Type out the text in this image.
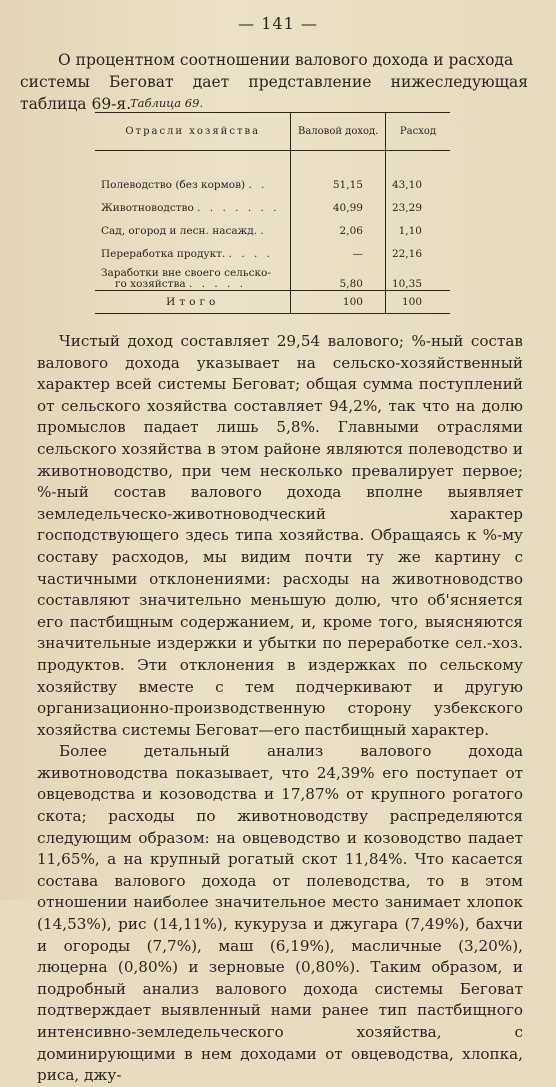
— 141 —

О процентном соотношении валового дохода и расхода

системы Беговат дает представление нижеследующая таблица 69-я.

Таблица 69.
Отрасли хозяйства	Валовой доход.	Расход
Полеводство (без кормов) . .	51,15	43,10
Животноводство . . . . . . .	40,99	23,29
Сад, огород и лесн. насажд. .	2,06	1,10
Переработка продукт. . . . .	—	22,16
Заработки вне своего сельско-
го хозяйства . . . . .	5,80	10,35
Итого	100	100

Чистый доход составляет 29,54 валового; %-ный состав валового дохода указывает на сельско-хозяйственный характер всей системы Беговат; общая сумма поступлений от сельского хозяйства составляет 94,2%, так что на долю промыслов падает лишь 5,8%. Главными отраслями сельского хозяйства в этом районе являются полеводство и животноводство, при чем несколько превалирует первое; %-ный состав валового дохода вполне выявляет земледельческо-животноводческий характер господствующего здесь типа хозяйства. Обращаясь к %-му составу расходов, мы видим почти ту же картину с частичными отклонениями: расходы на животноводство составляют значительно меньшую долю, что об'ясняется его пастбищным содержанием, и, кроме того, выясняются значительные издержки и убытки по переработке сел.-хоз. продуктов. Эти отклонения в издержках по сельскому хозяйству вместе с тем подчеркивают и другую организационно-производственную сторону узбекского хозяйства системы Беговат—его пастбищный характер.

Более детальный анализ валового дохода животноводства показывает, что 24,39% его поступает от овцеводства и козоводства и 17,87% от крупного рогатого скота; расходы по животноводству распределяются следующим образом: на овцеводство и козоводство падает 11,65%, а на крупный рогатый скот 11,84%. Что касается состава валового дохода от полеводства, то в этом отношении наиболее значительное место занимает хлопок (14,53%), рис (14,11%), кукуруза и джугара (7,49%), бахчи и огороды (7,7%), маш (6,19%), масличные (3,20%), люцерна (0,80%) и зерновые (0,80%). Таким образом, и подробный анализ валового дохода системы Беговат подтверждает выявленный нами ранее тип пастбищного интенсивно-земледельческого хозяйства, с доминирующими в нем доходами от овцеводства, хлопка, риса, джу-
